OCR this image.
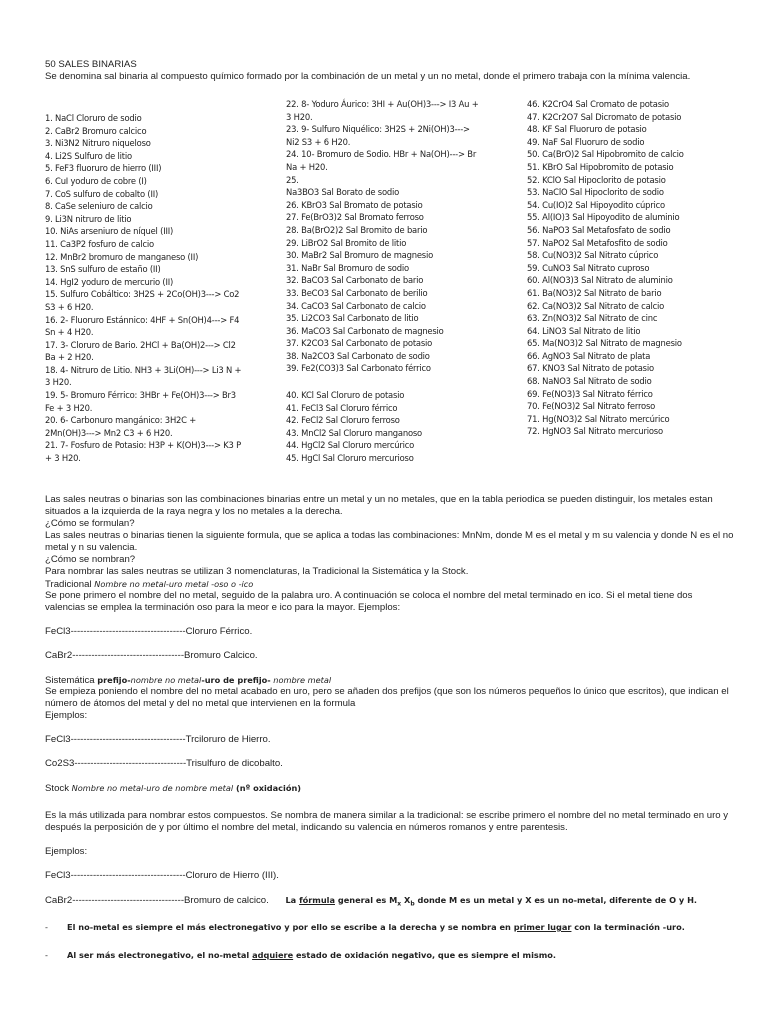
50 SALES BINARIAS
Se denomina sal binaria al compuesto químico formado por la combinación de un metal y un no metal, donde el primero trabaja con la mínima valencia.
1. NaCl Cloruro de sodio
2. CaBr2 Bromuro calcico
3. Ni3N2 Nitruro niqueloso
4. Li2S Sulfuro de litio
5. FeF3 fluoruro de hierro (III)
6. CuI yoduro de cobre (I)
7. CoS sulfuro de cobalto (II)
8. CaSe seleniuro de calcio
9. Li3N nitruro de litio
10. NiAs arseniuro de níquel (III)
11. Ca3P2 fosfuro de calcio
12. MnBr2 bromuro de manganeso (II)
13. SnS sulfuro de estaño (II)
14. HgI2 yoduro de mercurio (II)
15. Sulfuro Cobáltico: 3H2S + 2Co(OH)3---> Co2
S3 + 6 H20.
16. 2- Fluoruro Estánnico: 4HF + Sn(OH)4---> F4
Sn + 4 H20.
17. 3- Cloruro de Bario. 2HCl + Ba(OH)2---> Cl2
Ba + 2 H20.
18. 4- Nitruro de Litio. NH3 + 3Li(OH)---> Li3 N +
3 H20.
19. 5- Bromuro Férrico: 3HBr + Fe(OH)3---> Br3
Fe + 3 H20.
20. 6- Carbonuro mangánico: 3H2C +
2Mn(OH)3---> Mn2 C3 + 6 H20.
21. 7- Fosfuro de Potasio: H3P + K(OH)3---> K3 P
+ 3 H20.
22. 8- Yoduro Áurico: 3HI + Au(OH)3---> I3 Au +
3 H20.
23. 9- Sulfuro Niquélico: 3H2S + 2Ni(OH)3--->
Ni2 S3 + 6 H20.
24. 10- Bromuro de Sodio. HBr + Na(OH)---> Br
Na + H20.
25.
Na3BO3 Sal Borato de sodio
26. KBrO3 Sal Bromato de potasio
27. Fe(BrO3)2 Sal Bromato ferroso
28. Ba(BrO2)2 Sal Bromito de bario
29. LiBrO2 Sal Bromito de litio
30. MaBr2 Sal Bromuro de magnesio
31. NaBr Sal Bromuro de sodio
32. BaCO3 Sal Carbonato de bario
33. BeCO3 Sal Carbonato de berilio
34. CaCO3 Sal Carbonato de calcio
35. Li2CO3 Sal Carbonato de litio
36. MaCO3 Sal Carbonato de magnesio
37. K2CO3 Sal Carbonato de potasio
38. Na2CO3 Sal Carbonato de sodio
39. Fe2(CO3)3 Sal Carbonato férrico
40. KCl Sal Cloruro de potasio
41. FeCl3 Sal Cloruro férrico
42. FeCl2 Sal Cloruro ferroso
43. MnCl2 Sal Cloruro manganoso
44. HgCl2 Sal Cloruro mercúrico
45. HgCl Sal Cloruro mercurioso
46. K2CrO4 Sal Cromato de potasio
47. K2Cr2O7 Sal Dicromato de potasio
48. KF Sal Fluoruro de potasio
49. NaF Sal Fluoruro de sodio
50. Ca(BrO)2 Sal Hipobromito de calcio
51. KBrO Sal Hipobromito de potasio
52. KClO Sal Hipoclorito de potasio
53. NaClO Sal Hipoclorito de sodio
54. Cu(IO)2 Sal Hipoyodito cúprico
55. Al(IO)3 Sal Hipoyodito de aluminio
56. NaPO3 Sal Metafosfato de sodio
57. NaPO2 Sal Metafosfito de sodio
58. Cu(NO3)2 Sal Nitrato cúprico
59. CuNO3 Sal Nitrato cuproso
60. Al(NO3)3 Sal Nitrato de aluminio
61. Ba(NO3)2 Sal Nitrato de bario
62. Ca(NO3)2 Sal Nitrato de calcio
63. Zn(NO3)2 Sal Nitrato de cinc
64. LiNO3 Sal Nitrato de litio
65. Ma(NO3)2 Sal Nitrato de magnesio
66. AgNO3 Sal Nitrato de plata
67. KNO3 Sal Nitrato de potasio
68. NaNO3 Sal Nitrato de sodio
69. Fe(NO3)3 Sal Nitrato férrico
70. Fe(NO3)2 Sal Nitrato ferroso
71. Hg(NO3)2 Sal Nitrato mercúrico
72. HgNO3 Sal Nitrato mercurioso
Las sales neutras o binarias son las combinaciones binarias entre un metal y un no metales, que en la tabla periodica se pueden distinguir, los metales estan situados a la izquierda de la raya negra y los no metales a la derecha.
¿Cómo se formulan?
Las sales neutras o binarias tienen la siguiente formula, que se aplica a todas las combinaciones: MnNm, donde M es el metal y m su valencia y donde N es el no metal y n su valencia.
¿Cómo se nombran?
Para nombrar las sales neutras se utilizan 3 nomenclaturas, la Tradicional la Sistemática y la Stock.
Tradicional Nombre no metal-uro metal -oso o -ico
Se pone primero el nombre del no metal, seguido de la palabra uro. A continuación se coloca el nombre del metal terminado en ico. Si el metal tiene dos valencias se emplea la terminación oso para la meor e ico para la mayor. Ejemplos:
FeCl3------------------------------------Cloruro Férrico.
CaBr2-----------------------------------Bromuro Calcico.
Sistemática prefijo-nombre no metal-uro de prefijo- nombre metal
Se empieza poniendo el nombre del no metal acabado en uro, pero se añaden dos prefijos (que son los números pequeños lo único que escritos), que indican el número de átomos del metal y del no metal que intervienen en la formula
Ejemplos:
FeCl3------------------------------------Trcilorur​o de Hierro.
Co2S3-----------------------------------Trisulfuro de dicobalto.
Stock Nombre no metal-uro de nombre metal (nº oxidación)
Es la más utilizada para nombrar estos compuestos. Se nombra de manera similar a la tradicional: se escribe primero el nombre del no metal terminado en uro y después la perposición de y por último el nombre del metal, indicando su valencia en números romanos y entre parentesis.
Ejemplos:
FeCl3------------------------------------Cloruro de Hierro (III).
CaBr2-----------------------------------Bromuro de calcico. La fórmula general es $M_x$ $X_b$ donde M es un metal y X es un no-metal, diferente de O y H.
- El no-metal es siempre el más electronegativo y por ello se escribe a la derecha y se nombra en primer lugar con la terminación -uro.
- Al ser más electronegativo, el no-metal adquiere estado de oxidación negativo, que es siempre el mismo.
